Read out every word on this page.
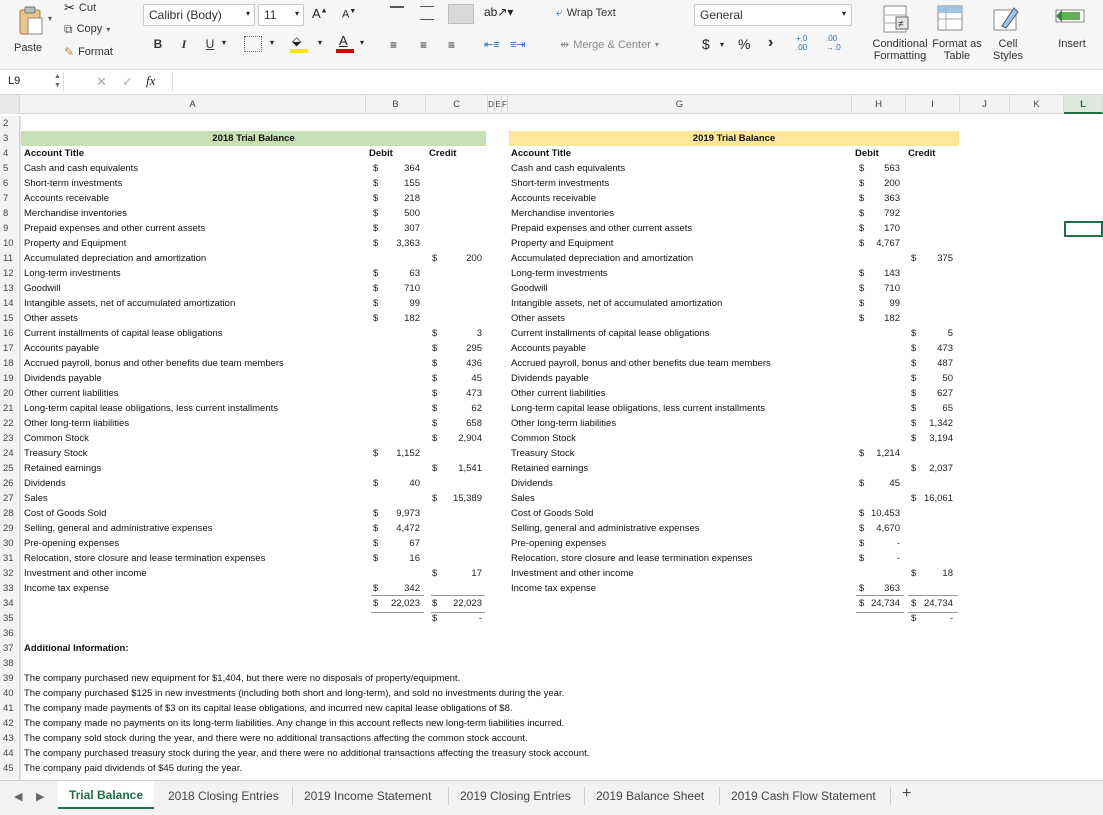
Paste
▾
✂ Cut
⧉ Copy ▾
✎ Format
Calibri (Body)	▾ 11 ▾ A▲ A▼
B	I	U ▾	▾ ⬙ ▾ A ▾
ab↗▾
≡ ≡ ≡	⇤≡ ≡⇥
⤶ Wrap Text
⇹ Merge & Center ▾
General	▾
$ ▾ % ›	+.0
.00
.00
→.0
≠
Conditional Formatting
Format as Table
Cell Styles
Insert
L9	▲
▼	✕ ✓ fx
A	B	C	D E F	G	H	I	J	K	L
2
3	2018 Trial Balance	2019 Trial Balance
4	Account Title	Debit	Credit	Account Title	Debit	Credit
5	Cash and cash equivalents	Cash and cash equivalents
$	364	$	563
6	Short-term investments	Short-term investments
$	155	$	200
7	Accounts receivable	Accounts receivable
$	218	$	363
8	Merchandise inventories	Merchandise inventories
$	500	$	792
9	Prepaid expenses and other current assets	Prepaid expenses and other current assets
$	307	$	170
10	Property and Equipment	Property and Equipment
$	3,363	$	4,767
11	Accumulated depreciation and amortization	Accumulated depreciation and amortization
$	200	$	375
12	Long-term investments	Long-term investments
$	63	$	143
13	Goodwill	Goodwill
$	710	$	710
14	Intangible assets, net of accumulated amortization	Intangible assets, net of accumulated amortization
$	99	$	99
15	Other assets	Other assets
$	182	$	182
16	Current installments of capital lease obligations	Current installments of capital lease obligations
$	3	$	5
17	Accounts payable	Accounts payable
$	295	$	473
18	Accrued payroll, bonus and other benefits due team members	Accrued payroll, bonus and other benefits due team members
$	436	$	487
19	Dividends payable	Dividends payable
$	45	$	50
20	Other current liabilities	Other current liabilities
$	473	$	627
21	Long-term capital lease obligations, less current installments	Long-term capital lease obligations, less current installments
$	62	$	65
22	Other long-term liabilities	Other long-term liabilities
$	658	$	1,342
23	Common Stock	Common Stock
$	2,904	$	3,194
24	Treasury Stock	Treasury Stock
$	1,152	$	1,214
25	Retained earnings	Retained earnings
$	1,541	$	2,037
26	Dividends	Dividends
$	40	$	45
27	Sales	Sales
$	15,389	$ 16,061
28	Cost of Goods Sold	Cost of Goods Sold
$	9,973	$ 10,453
29	Selling, general and administrative expenses	Selling, general and administrative expenses
$	4,472	$	4,670
30	Pre-opening expenses	Pre-opening expenses
$	67	$	-
31	Relocation, store closure and lease termination expenses	Relocation, store closure and lease termination expenses
$	16	$	-
32	Investment and other income	Investment and other income
$	17	$	18
33	Income tax expense	Income tax expense
$	342	$	363
34	$	22,023 $	22,023	$ 24,734 $ 24,734
35	$	-	$	-
36
37	Additional Information:
38
39	The company purchased new equipment for $1,404, but there were no disposals of property/equipment.
40	The company purchased $125 in new investments (including both short and long-term), and sold no investments during the year.
41	The company made payments of $3 on its capital lease obligations, and incurred new capital lease obligations of $8.
42	The company made no payments on its long-term liabilities. Any change in this account reflects new long-term liabilities incurred.
43	The company sold stock during the year, and there were no additional transactions affecting the common stock account.
44	The company purchased treasury stock during the year, and there were no additional transactions affecting the treasury stock account.
45	The company paid dividends of $45 during the year.
◀ ▶	Trial Balance	2018 Closing Entries 2019 Income Statement 2019 Closing Entries 2019 Balance Sheet 2019 Cash Flow Statement +
